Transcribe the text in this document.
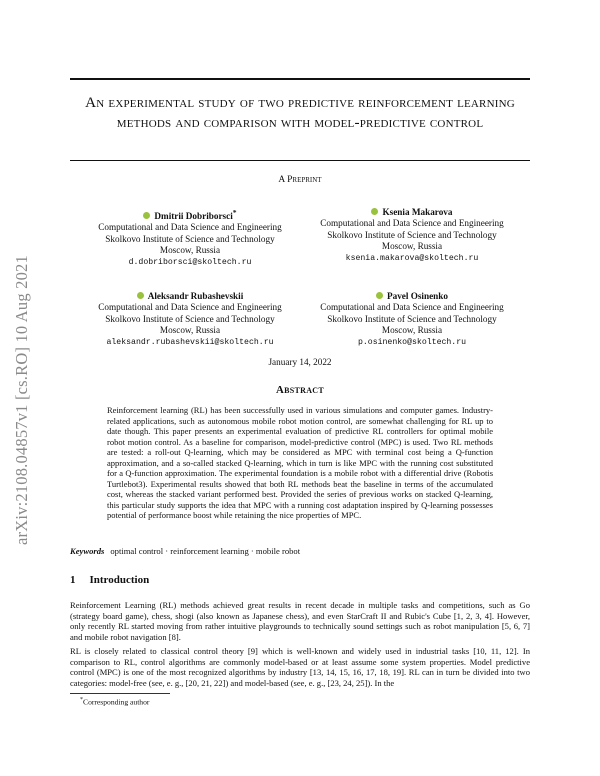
arXiv:2108.04857v1 [cs.RO] 10 Aug 2021
An experimental study of two predictive reinforcement learning methods and comparison with model-predictive control
A Preprint
Dmitrii Dobriborsci*
Computational and Data Science and Engineering
Skolkovo Institute of Science and Technology
Moscow, Russia
d.dobriborsci@skoltech.ru
Ksenia Makarova
Computational and Data Science and Engineering
Skolkovo Institute of Science and Technology
Moscow, Russia
ksenia.makarova@skoltech.ru
Aleksandr Rubashevskii
Computational and Data Science and Engineering
Skolkovo Institute of Science and Technology
Moscow, Russia
aleksandr.rubashevskii@skoltech.ru
Pavel Osinenko
Computational and Data Science and Engineering
Skolkovo Institute of Science and Technology
Moscow, Russia
p.osinenko@skoltech.ru
January 14, 2022
Abstract

Reinforcement learning (RL) has been successfully used in various simulations and computer games. Industry-related applications, such as autonomous mobile robot motion control, are somewhat challenging for RL up to date though. This paper presents an experimental evaluation of predictive RL controllers for optimal mobile robot motion control. As a baseline for comparison, model-predictive control (MPC) is used. Two RL methods are tested: a roll-out Q-learning, which may be considered as MPC with terminal cost being a Q-function approximation, and a so-called stacked Q-learning, which in turn is like MPC with the running cost substituted for a Q-function approximation. The experimental foundation is a mobile robot with a differential drive (Robotis Turtlebot3). Experimental results showed that both RL methods beat the baseline in terms of the accumulated cost, whereas the stacked variant performed best. Provided the series of previous works on stacked Q-learning, this particular study supports the idea that MPC with a running cost adaptation inspired by Q-learning possesses potential of performance boost while retaining the nice properties of MPC.

Keywords optimal control · reinforcement learning · mobile robot
1 Introduction

Reinforcement Learning (RL) methods achieved great results in recent decade in multiple tasks and competitions, such as Go (strategy board game), chess, shogi (also known as Japanese chess), and even StarCraft II and Rubic's Cube [1, 2, 3, 4]. However, only recently RL started moving from rather intuitive playgrounds to technically sound settings such as robot manipulation [5, 6, 7] and mobile robot navigation [8].

RL is closely related to classical control theory [9] which is well-known and widely used in industrial tasks [10, 11, 12]. In comparison to RL, control algorithms are commonly model-based or at least assume some system properties. Model predictive control (MPC) is one of the most recognized algorithms by industry [13, 14, 15, 16, 17, 18, 19]. RL can in turn be divided into two categories: model-free (see, e. g., [20, 21, 22]) and model-based (see, e. g., [23, 24, 25]). In the

*Corresponding author
